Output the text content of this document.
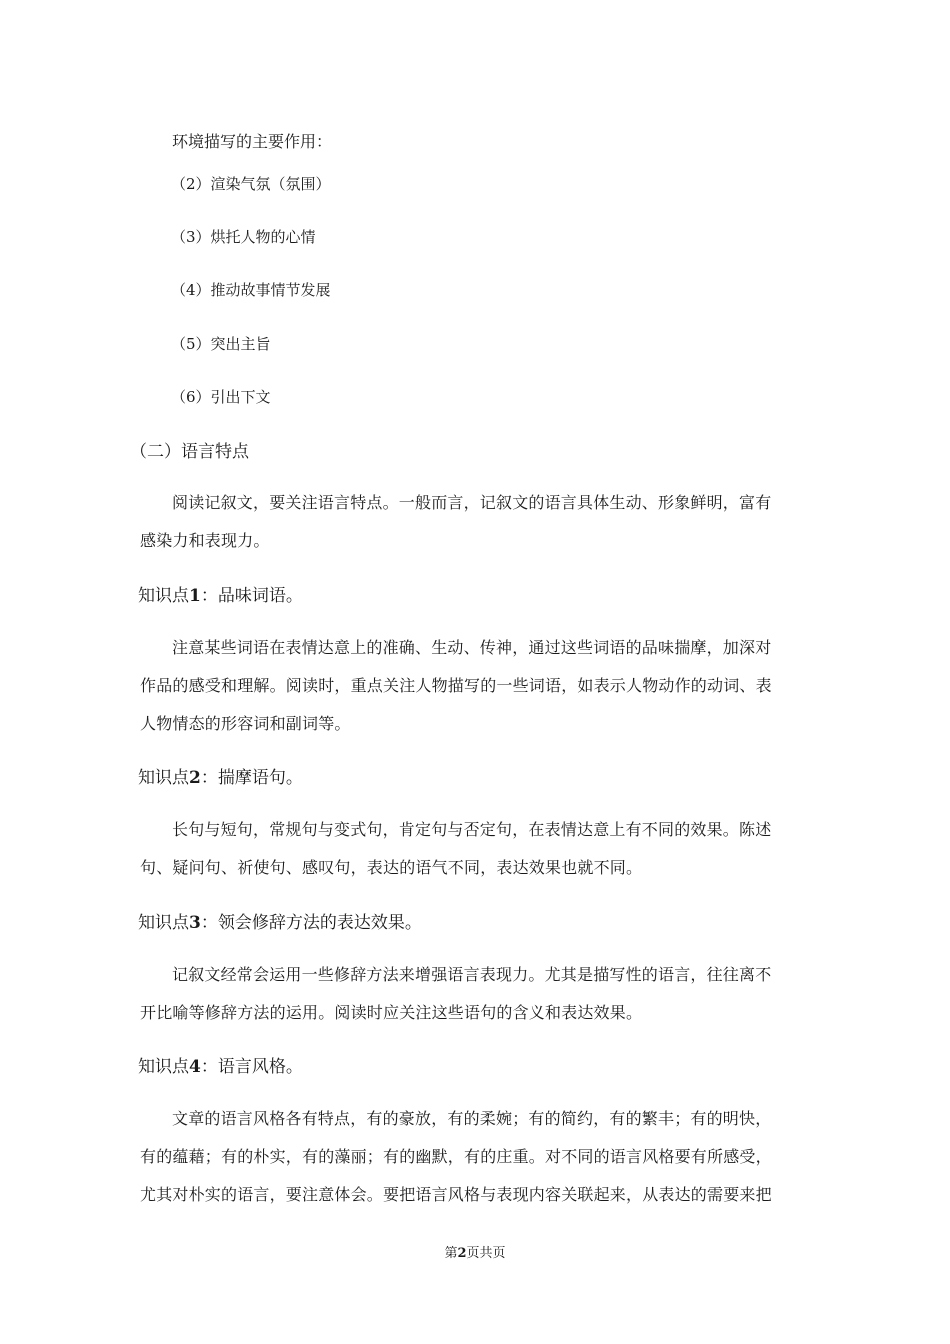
环境描写的主要作用：
（2）渲染气氛（氛围）
（3）烘托人物的心情
（4）推动故事情节发展
（5）突出主旨
（6）引出下文
（二）语言特点
阅读记叙文，要关注语言特点。一般而言，记叙文的语言具体生动、形象鲜明，富有
感染力和表现力。
知识点1：品味词语。
注意某些词语在表情达意上的准确、生动、传神，通过这些词语的品味揣摩，加深对
作品的感受和理解。阅读时，重点关注人物描写的一些词语，如表示人物动作的动词、表
人物情态的形容词和副词等。
知识点2：揣摩语句。
长句与短句，常规句与变式句，肯定句与否定句，在表情达意上有不同的效果。陈述
句、疑问句、祈使句、感叹句，表达的语气不同，表达效果也就不同。
知识点3：领会修辞方法的表达效果。
记叙文经常会运用一些修辞方法来增强语言表现力。尤其是描写性的语言，往往离不
开比喻等修辞方法的运用。阅读时应关注这些语句的含义和表达效果。
知识点4：语言风格。
文章的语言风格各有特点，有的豪放，有的柔婉；有的简约，有的繁丰；有的明快，
有的蕴藉；有的朴实，有的藻丽；有的幽默，有的庄重。对不同的语言风格要有所感受，
尤其对朴实的语言，要注意体会。要把语言风格与表现内容关联起来，从表达的需要来把
第2页共页
